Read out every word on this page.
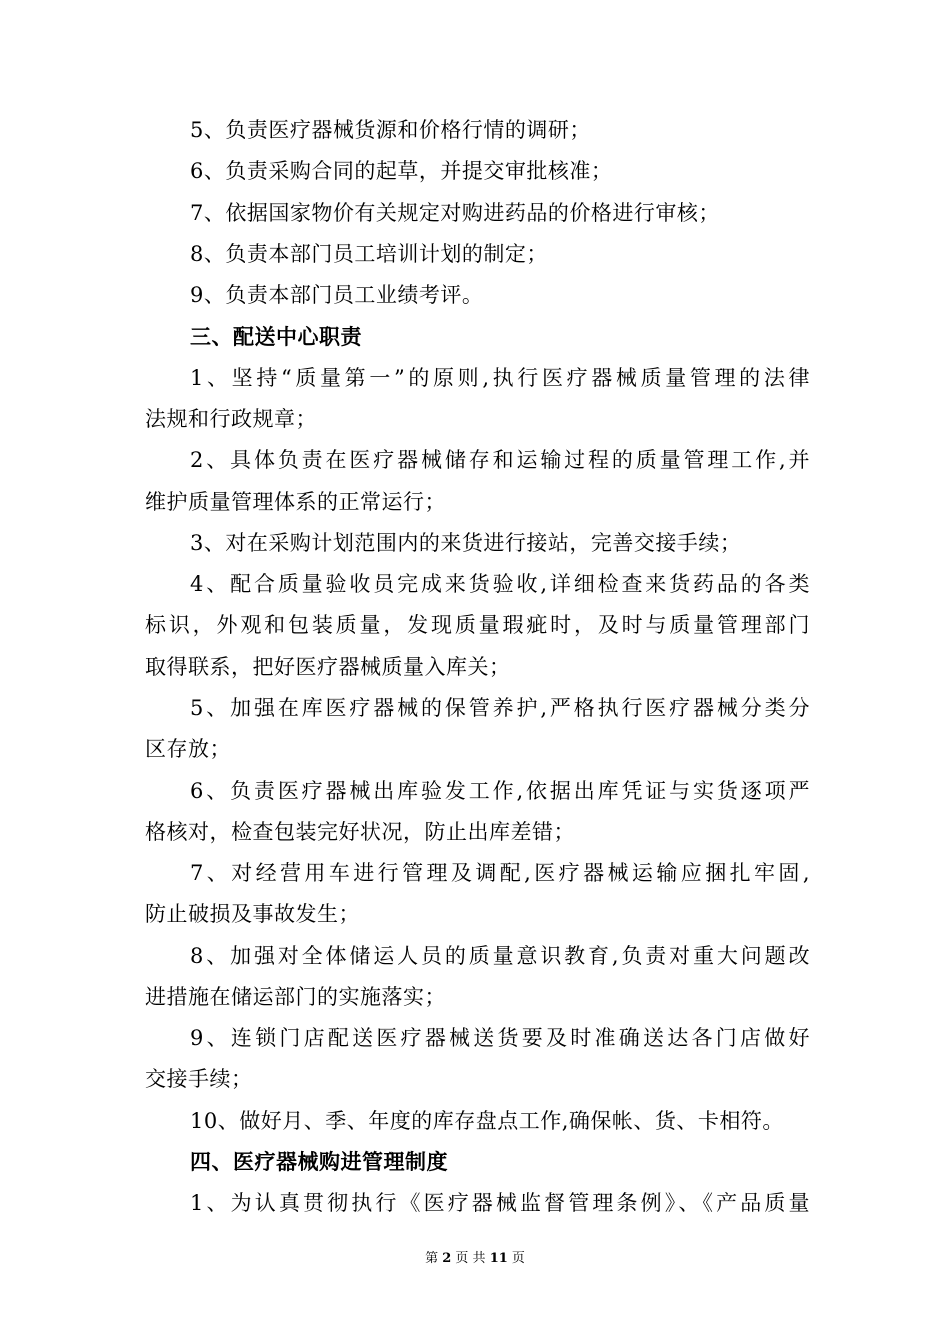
5、负责医疗器械货源和价格行情的调研；
6、负责采购合同的起草，并提交审批核准；
7、依据国家物价有关规定对购进药品的价格进行审核；
8、负责本部门员工培训计划的制定；
9、负责本部门员工业绩考评。
三、配送中心职责
1、坚持“质量第一”的原则,执行医疗器械质量管理的法律
法规和行政规章；
2、具体负责在医疗器械储存和运输过程的质量管理工作,并
维护质量管理体系的正常运行；
3、对在采购计划范围内的来货进行接站，完善交接手续；
4、配合质量验收员完成来货验收,详细检查来货药品的各类
标识，外观和包装质量，发现质量瑕疵时，及时与质量管理部门
取得联系，把好医疗器械质量入库关；
5、加强在库医疗器械的保管养护,严格执行医疗器械分类分
区存放；
6、负责医疗器械出库验发工作,依据出库凭证与实货逐项严
格核对，检查包装完好状况，防止出库差错；
7、对经营用车进行管理及调配,医疗器械运输应捆扎牢固,
防止破损及事故发生；
8、加强对全体储运人员的质量意识教育,负责对重大问题改
进措施在储运部门的实施落实；
9、连锁门店配送医疗器械送货要及时准确送达各门店做好
交接手续；
10、做好月、季、年度的库存盘点工作,确保帐、货、卡相符。
四、医疗器械购进管理制度
1、为认真贯彻执行《医疗器械监督管理条例》、《产品质量
第 2 页 共 11 页
